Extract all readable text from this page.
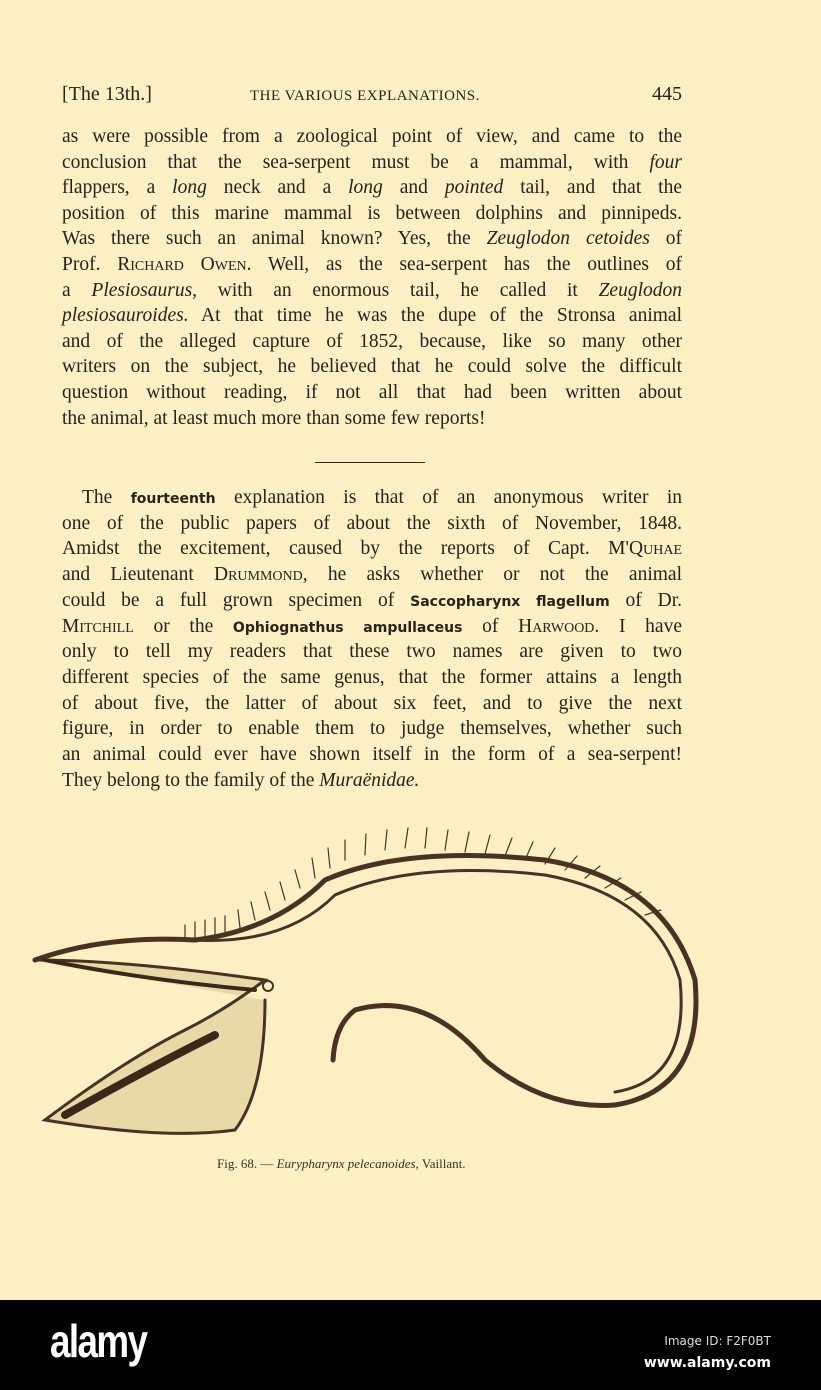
[The 13th.]	THE VARIOUS EXPLANATIONS.	445
as were possible from a zoological point of view, and came to the
conclusion that the sea-serpent must be a mammal, with four
flappers, a long neck and a long and pointed tail, and that the
position of this marine mammal is between dolphins and pinnipeds.
Was there such an animal known? Yes, the Zeuglodon cetoides of
Prof. Richard Owen. Well, as the sea-serpent has the outlines of
a Plesiosaurus, with an enormous tail, he called it Zeuglodon
plesiosauroides. At that time he was the dupe of the Stronsa animal
and of the alleged capture of 1852, because, like so many other
writers on the subject, he believed that he could solve the difficult
question without reading, if not all that had been written about
the animal, at least much more than some few reports!
The fourteenth explanation is that of an anonymous writer in
one of the public papers of about the sixth of November, 1848.
Amidst the excitement, caused by the reports of Capt. M'Quhae
and Lieutenant Drummond, he asks whether or not the animal
could be a full grown specimen of Saccopharynx flagellum of Dr.
Mitchill or the Ophiognathus ampullaceus of Harwood. I have
only to tell my readers that these two names are given to two
different species of the same genus, that the former attains a length
of about five, the latter of about six feet, and to give the next
figure, in order to enable them to judge themselves, whether such
an animal could ever have shown itself in the form of a sea-serpent!
They belong to the family of the Muraënidae.
Fig. 68. — Eurypharynx pelecanoides, Vaillant.
alamy	Image ID: F2F0BT
www.alamy.com
